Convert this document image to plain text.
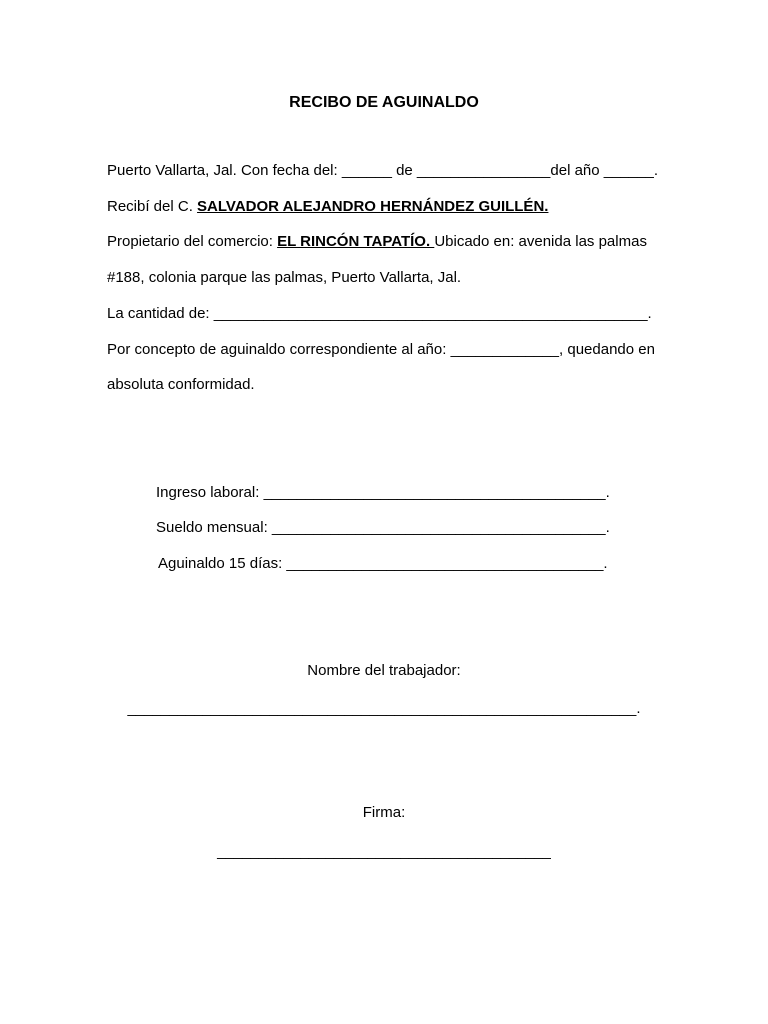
RECIBO DE AGUINALDO
Puerto Vallarta, Jal. Con fecha del: ______ de ________________del año ______.
Recibí del C. SALVADOR ALEJANDRO HERNÁNDEZ GUILLÉN.
Propietario del comercio: EL RINCÓN TAPATÍO. Ubicado en: avenida las palmas
#188, colonia parque las palmas, Puerto Vallarta, Jal.
La cantidad de: ____________________________________________________.
Por concepto de aguinaldo correspondiente al año: _____________, quedando en
absoluta conformidad.
Ingreso laboral: _________________________________________.
Sueldo mensual: ________________________________________.
Aguinaldo 15 días: ______________________________________.
Nombre del trabajador:
_____________________________________________________________.
Firma:
________________________________________
